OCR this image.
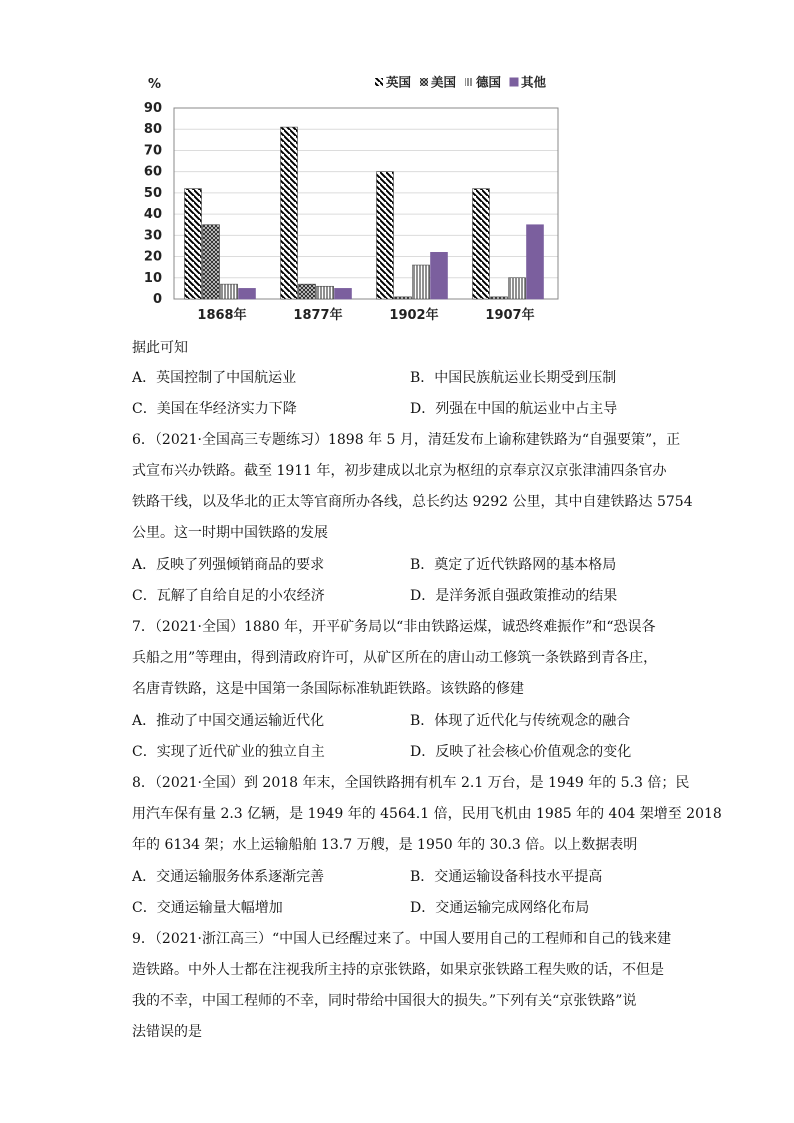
0
10
20
30
40
50
60
70
80
90
%
1868年	1877年	1902年	1907年
英国 美国 德国 其他
据此可知
A．英国控制了中国航运业	B．中国民族航运业长期受到压制
C．美国在华经济实力下降	D．列强在中国的航运业中占主导
6．（2021·全国高三专题练习）1898 年 5 月，清廷发布上谕称建铁路为“自强要策”，正
式宣布兴办铁路。截至 1911 年，初步建成以北京为枢纽的京奉京汉京张津浦四条官办
铁路干线，以及华北的正太等官商所办各线，总长约达 9292 公里，其中自建铁路达 5754
公里。这一时期中国铁路的发展
A．反映了列强倾销商品的要求	B．奠定了近代铁路网的基本格局
C．瓦解了自给自足的小农经济	D．是洋务派自强政策推动的结果
7．（2021·全国）1880 年，开平矿务局以“非由铁路运煤，诚恐终难振作”和“恐误各
兵船之用”等理由，得到清政府许可，从矿区所在的唐山动工修筑一条铁路到青各庄，
名唐青铁路，这是中国第一条国际标准轨距铁路。该铁路的修建
A．推动了中国交通运输近代化	B．体现了近代化与传统观念的融合
C．实现了近代矿业的独立自主	D．反映了社会核心价值观念的变化
8．（2021·全国）到 2018 年末，全国铁路拥有机车 2.1 万台，是 1949 年的 5.3 倍；民
用汽车保有量 2.3 亿辆，是 1949 年的 4564.1 倍，民用飞机由 1985 年的 404 架增至 2018
年的 6134 架；水上运输船舶 13.7 万艘，是 1950 年的 30.3 倍。以上数据表明
A．交通运输服务体系逐渐完善	B．交通运输设备科技水平提高
C．交通运输量大幅增加	D．交通运输完成网络化布局
9．（2021·浙江高三）“中国人已经醒过来了。中国人要用自己的工程师和自己的钱来建
造铁路。中外人士都在注视我所主持的京张铁路，如果京张铁路工程失败的话，不但是
我的不幸，中国工程师的不幸，同时带给中国很大的损失。”下列有关“京张铁路”说
法错误的是
